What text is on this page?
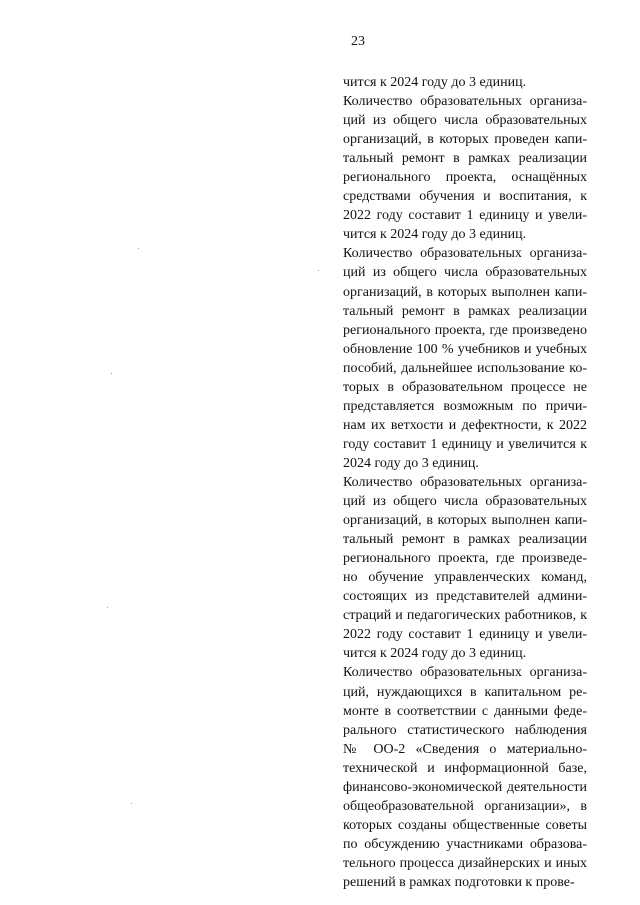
23
чится к 2024 году до 3 единиц.
Количество образовательных организа-
ций из общего числа образовательных
организаций, в которых проведен капи-
тальный ремонт в рамках реализации
регионального проекта, оснащённых
средствами обучения и воспитания, к
2022 году составит 1 единицу и увели-
чится к 2024 году до 3 единиц.
Количество образовательных организа-
ций из общего числа образовательных
организаций, в которых выполнен капи-
тальный ремонт в рамках реализации
регионального проекта, где произведено
обновление 100 % учебников и учебных
пособий, дальнейшее использование ко-
торых в образовательном процессе не
представляется возможным по причи-
нам их ветхости и дефектности, к 2022
году составит 1 единицу и увеличится к
2024 году до 3 единиц.
Количество образовательных организа-
ций из общего числа образовательных
организаций, в которых выполнен капи-
тальный ремонт в рамках реализации
регионального проекта, где произведе-
но обучение управленческих команд,
состоящих из представителей админи-
страций и педагогических работников, к
2022 году составит 1 единицу и увели-
чится к 2024 году до 3 единиц.
Количество образовательных организа-
ций, нуждающихся в капитальном ре-
монте в соответствии с данными феде-
рального статистического наблюдения
№ ОО-2 «Сведения о материально-
технической и информационной базе,
финансово-экономической деятельности
общеобразовательной организации», в
которых созданы общественные советы
по обсуждению участниками образова-
тельного процесса дизайнерских и иных
решений в рамках подготовки к прове-
